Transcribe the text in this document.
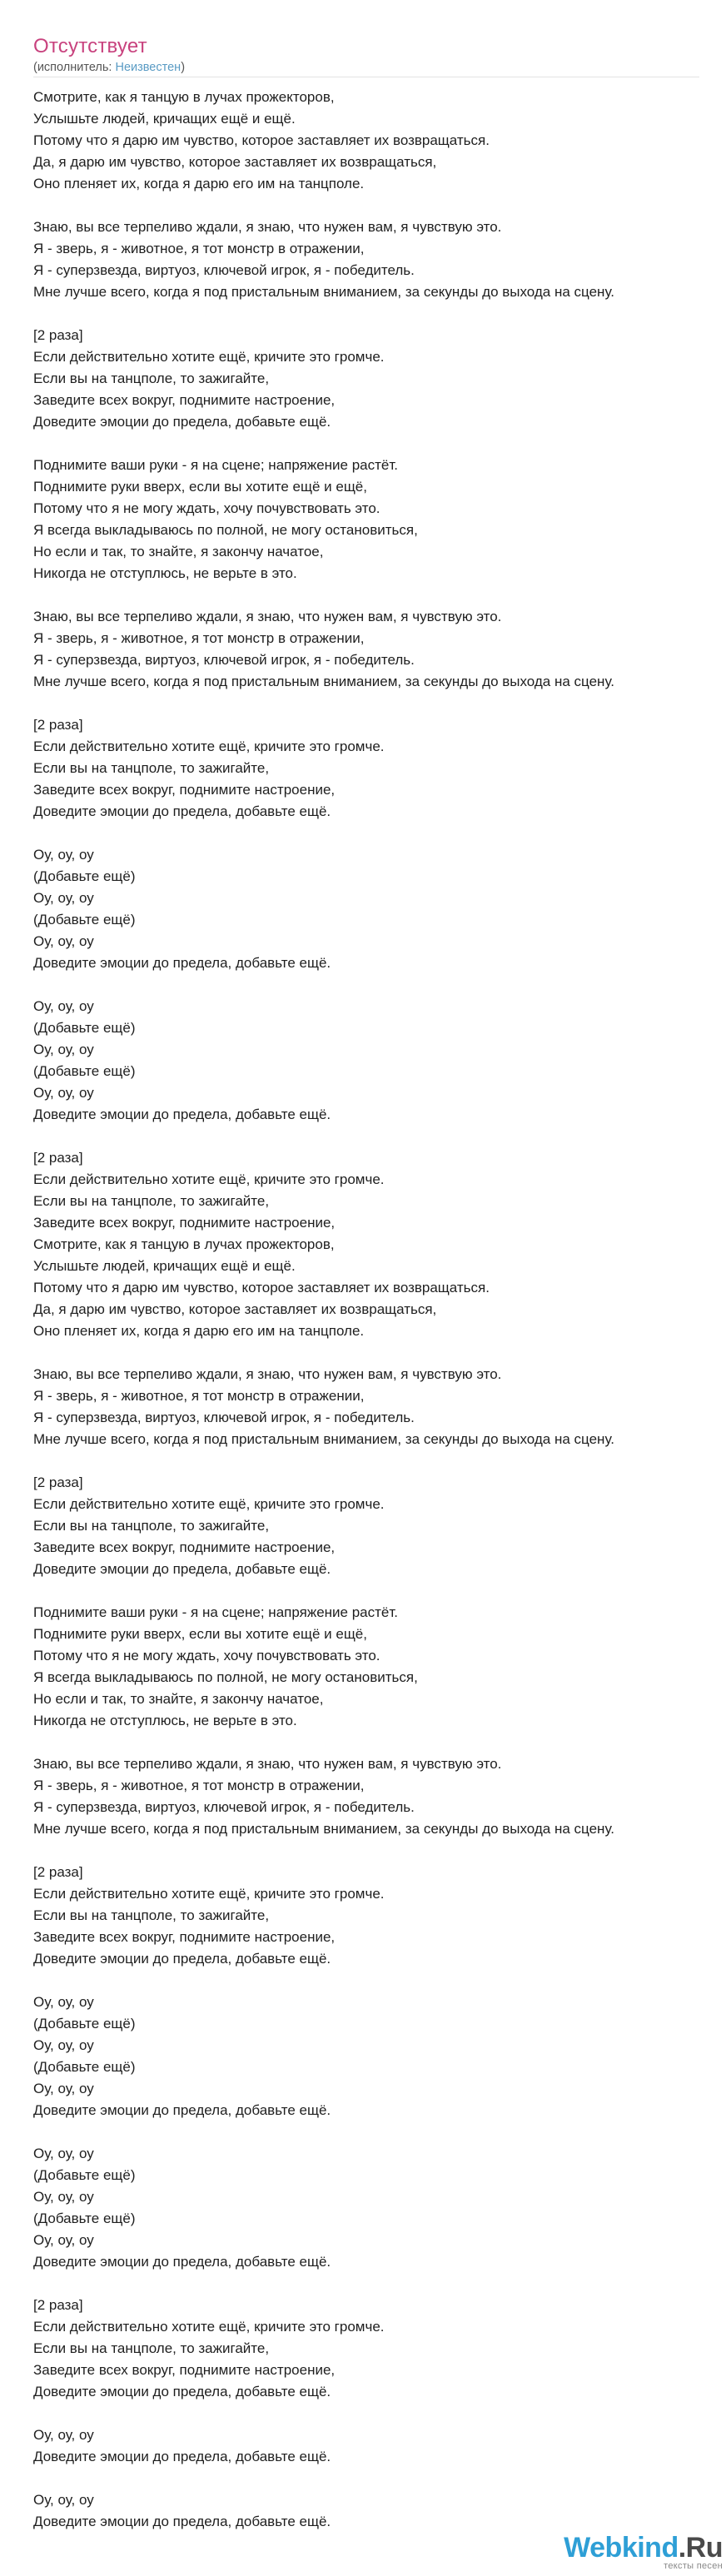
Отсутствует
(исполнитель: Неизвестен)
Смотрите, как я танцую в лучах прожекторов,
Услышьте людей, кричащих ещё и ещё.
Потому что я дарю им чувство, которое заставляет их возвращаться.
Да, я дарю им чувство, которое заставляет их возвращаться,
Оно пленяет их, когда я дарю его им на танцполе.

Знаю, вы все терпеливо ждали, я знаю, что нужен вам, я чувствую это.
Я - зверь, я - животное, я тот монстр в отражении,
Я - суперзвезда, виртуоз, ключевой игрок, я - победитель.
Мне лучше всего, когда я под пристальным вниманием, за секунды до выхода на сцену.

[2 раза]
Если действительно хотите ещё, кричите это громче.
Если вы на танцполе, то зажигайте,
Заведите всех вокруг, поднимите настроение,
Доведите эмоции до предела, добавьте ещё.

Поднимите ваши руки - я на сцене; напряжение растёт.
Поднимите руки вверх, если вы хотите ещё и ещё,
Потому что я не могу ждать, хочу почувствовать это.
Я всегда выкладываюсь по полной, не могу остановиться,
Но если и так, то знайте, я закончу начатое,
Никогда не отступлюсь, не верьте в это.

Знаю, вы все терпеливо ждали, я знаю, что нужен вам, я чувствую это.
Я - зверь, я - животное, я тот монстр в отражении,
Я - суперзвезда, виртуоз, ключевой игрок, я - победитель.
Мне лучше всего, когда я под пристальным вниманием, за секунды до выхода на сцену.

[2 раза]
Если действительно хотите ещё, кричите это громче.
Если вы на танцполе, то зажигайте,
Заведите всех вокруг, поднимите настроение,
Доведите эмоции до предела, добавьте ещё.

Оу, оу, оу
(Добавьте ещё)
Оу, оу, оу
(Добавьте ещё)
Оу, оу, оу
Доведите эмоции до предела, добавьте ещё.

Оу, оу, оу
(Добавьте ещё)
Оу, оу, оу
(Добавьте ещё)
Оу, оу, оу
Доведите эмоции до предела, добавьте ещё.

[2 раза]
Если действительно хотите ещё, кричите это громче.
Если вы на танцполе, то зажигайте,
Заведите всех вокруг, поднимите настроение,
Смотрите, как я танцую в лучах прожекторов,
Услышьте людей, кричащих ещё и ещё.
Потому что я дарю им чувство, которое заставляет их возвращаться.
Да, я дарю им чувство, которое заставляет их возвращаться,
Оно пленяет их, когда я дарю его им на танцполе.

Знаю, вы все терпеливо ждали, я знаю, что нужен вам, я чувствую это.
Я - зверь, я - животное, я тот монстр в отражении,
Я - суперзвезда, виртуоз, ключевой игрок, я - победитель.
Мне лучше всего, когда я под пристальным вниманием, за секунды до выхода на сцену.

[2 раза]
Если действительно хотите ещё, кричите это громче.
Если вы на танцполе, то зажигайте,
Заведите всех вокруг, поднимите настроение,
Доведите эмоции до предела, добавьте ещё.

Поднимите ваши руки - я на сцене; напряжение растёт.
Поднимите руки вверх, если вы хотите ещё и ещё,
Потому что я не могу ждать, хочу почувствовать это.
Я всегда выкладываюсь по полной, не могу остановиться,
Но если и так, то знайте, я закончу начатое,
Никогда не отступлюсь, не верьте в это.

Знаю, вы все терпеливо ждали, я знаю, что нужен вам, я чувствую это.
Я - зверь, я - животное, я тот монстр в отражении,
Я - суперзвезда, виртуоз, ключевой игрок, я - победитель.
Мне лучше всего, когда я под пристальным вниманием, за секунды до выхода на сцену.

[2 раза]
Если действительно хотите ещё, кричите это громче.
Если вы на танцполе, то зажигайте,
Заведите всех вокруг, поднимите настроение,
Доведите эмоции до предела, добавьте ещё.

Оу, оу, оу
(Добавьте ещё)
Оу, оу, оу
(Добавьте ещё)
Оу, оу, оу
Доведите эмоции до предела, добавьте ещё.

Оу, оу, оу
(Добавьте ещё)
Оу, оу, оу
(Добавьте ещё)
Оу, оу, оу
Доведите эмоции до предела, добавьте ещё.

[2 раза]
Если действительно хотите ещё, кричите это громче.
Если вы на танцполе, то зажигайте,
Заведите всех вокруг, поднимите настроение,
Доведите эмоции до предела, добавьте ещё.

Оу, оу, оу
Доведите эмоции до предела, добавьте ещё.

Оу, оу, оу
Доведите эмоции до предела, добавьте ещё.
Webkind.Ru
тексты песен
